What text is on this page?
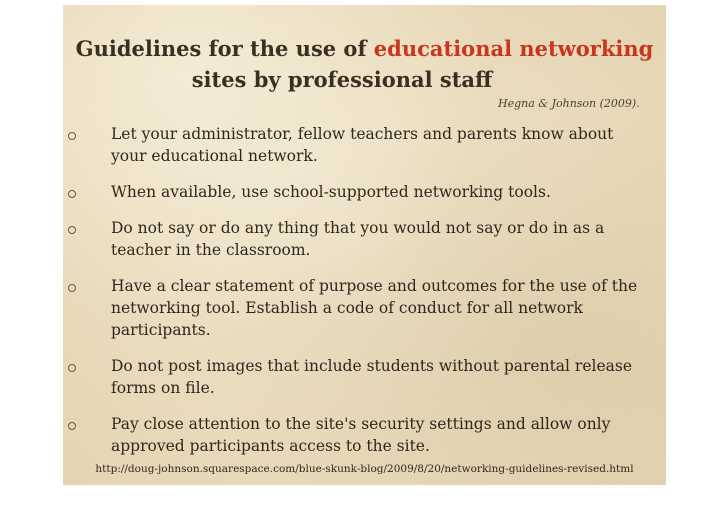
Guidelines for the use of educational networking
sites by professional staff
Hegna & Johnson (2009).
Let your administrator, fellow teachers and parents know about your educational network.
When available, use school-supported networking tools.
Do not say or do any thing that you would not say or do in as a teacher in the classroom.
Have a clear statement of purpose and outcomes for the use of the networking tool. Establish a code of conduct for all network participants.
Do not post images that include students without parental release forms on file.
Pay close attention to the site's security settings and allow only approved participants access to the site.
http://doug-johnson.squarespace.com/blue-skunk-blog/2009/8/20/networking-guidelines-revised.html
